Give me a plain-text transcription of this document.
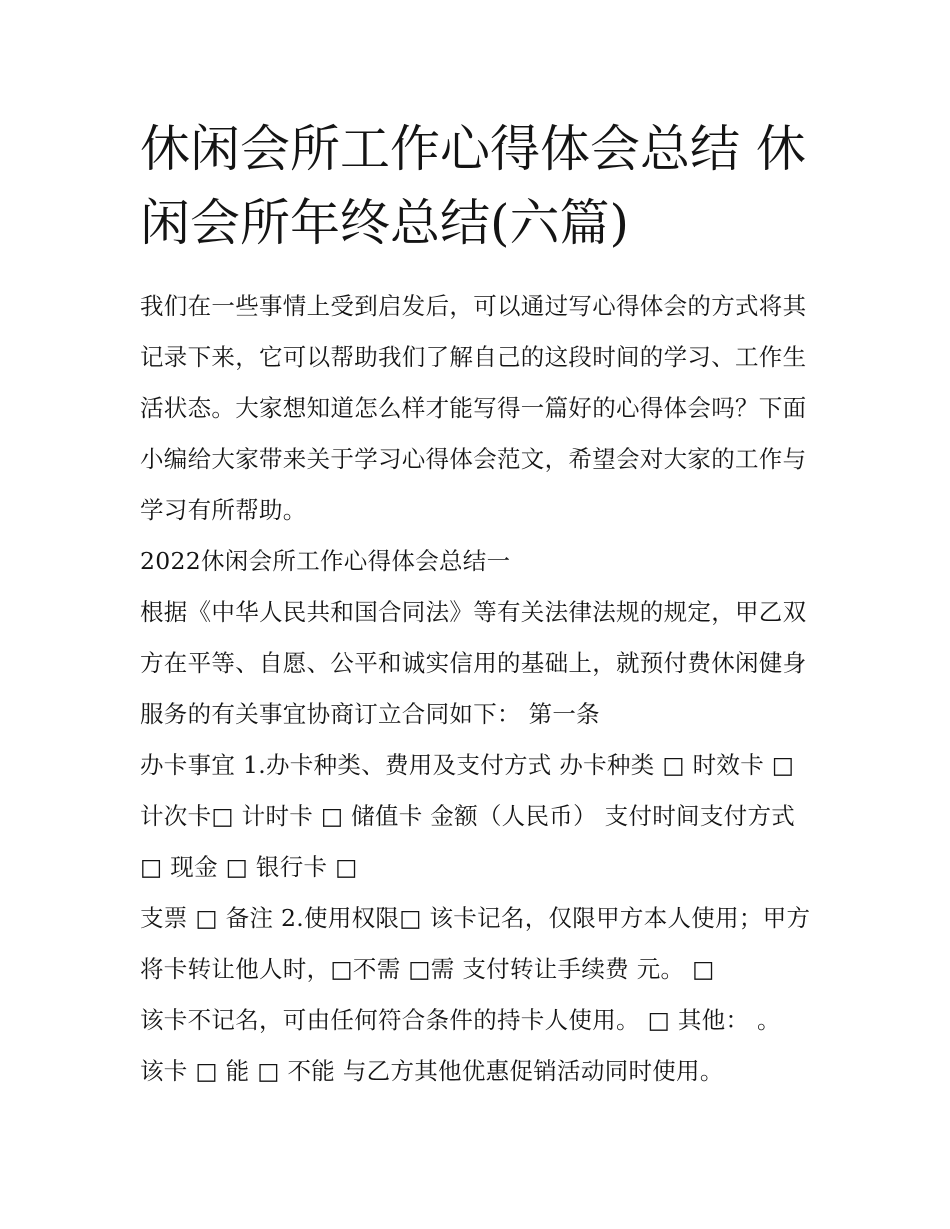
休闲会所工作心得体会总结 休闲会所年终总结(六篇)

我们在一些事情上受到启发后，可以通过写心得体会的方式将其记录下来，它可以帮助我们了解自己的这段时间的学习、工作生活状态。大家想知道怎么样才能写得一篇好的心得体会吗？下面小编给大家带来关于学习心得体会范文，希望会对大家的工作与学习有所帮助。

2022休闲会所工作心得体会总结一

根据《中华人民共和国合同法》等有关法律法规的规定，甲乙双方在平等、自愿、公平和诚实信用的基础上，就预付费休闲健身服务的有关事宜协商订立合同如下： 第一条

办卡事宜 1.办卡种类、费用及支付方式 办卡种类 □ 时效卡 □ 计次卡□ 计时卡 □ 储值卡 金额（人民币） 支付时间支付方式 □ 现金 □ 银行卡 □

支票 □ 备注 2.使用权限□ 该卡记名，仅限甲方本人使用；甲方将卡转让他人时，□不需 □需 支付转让手续费 元。 □

该卡不记名，可由任何符合条件的持卡人使用。 □ 其他： 。

该卡 □ 能 □ 不能 与乙方其他优惠促销活动同时使用。
